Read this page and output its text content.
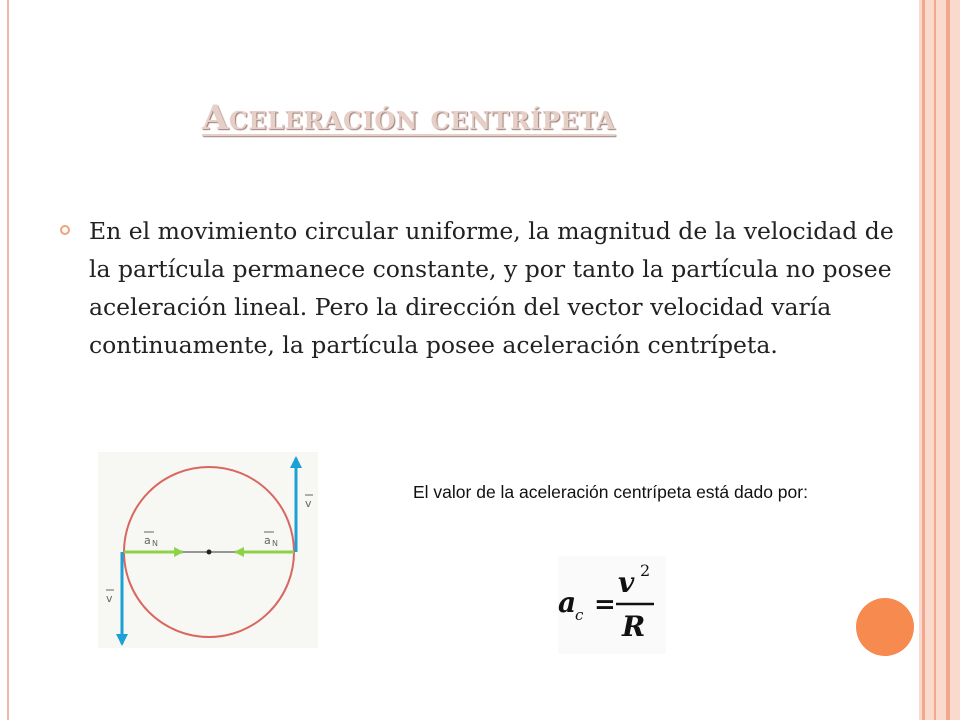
Aceleración centrípeta
En el movimiento circular uniforme, la magnitud de la velocidad de la partícula permanece constante, y por tanto la partícula no posee aceleración lineal. Pero la dirección del vector velocidad varía continuamente, la partícula posee aceleración centrípeta.
a N	a N
v
v
El valor de la aceleración centrípeta está dado por:
a
c =
v 2
R
